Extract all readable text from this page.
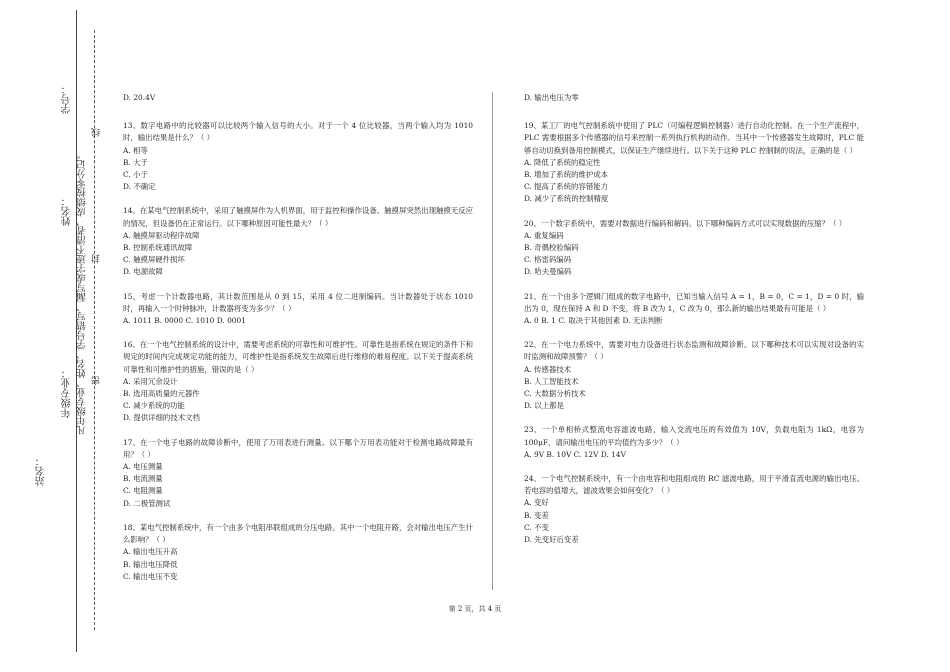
学号：
姓名：
年级专业：
站名：
凡年级专业、姓名、学号错写、漏写或字迹不清者，成绩按零分记。 封
线
密
D. 20.4V
13、数字电路中的比较器可以比较两个输入信号的大小。对于一个 4 位比较器，当两个输入均为 1010 时，输出结果是什么？（ ）
A. 相等
B. 大于
C. 小于
D. 不确定
14、在某电气控制系统中，采用了触摸屏作为人机界面，用于监控和操作设备。触摸屏突然出现触摸无反应的情况，但设备仍在正常运行。以下哪种原因可能性最大？（ ）
A. 触摸屏驱动程序故障
B. 控制系统通讯故障
C. 触摸屏硬件损坏
D. 电源故障
15、考虑一个计数器电路，其计数范围是从 0 到 15，采用 4 位二进制编码。当计数器处于状态 1010 时，再输入一个时钟脉冲，计数器将变为多少？（ ）
A. 1011 B. 0000 C. 1010 D. 0001
16、在一个电气控制系统的设计中，需要考虑系统的可靠性和可维护性。可靠性是指系统在规定的条件下和规定的时间内完成规定功能的能力，可维护性是指系统发生故障后进行维修的难易程度。以下关于提高系统可靠性和可维护性的措施，错误的是（ ）
A. 采用冗余设计
B. 选用高质量的元器件
C. 减少系统的功能
D. 提供详细的技术文档
17、在一个电子电路的故障诊断中，使用了万用表进行测量。以下哪个万用表功能对于检测电路故障最有用？（ ）
A. 电压测量
B. 电流测量
C. 电阻测量
D. 二极管测试
18、某电气控制系统中，有一个由多个电阻串联组成的分压电路。其中一个电阻开路，会对输出电压产生什么影响？（ ）
A. 输出电压升高
B. 输出电压降低
C. 输出电压不变
D. 输出电压为零
19、某工厂的电气控制系统中使用了 PLC（可编程逻辑控制器）进行自动化控制。在一个生产流程中，PLC 需要根据多个传感器的信号来控制一系列执行机构的动作。当其中一个传感器发生故障时，PLC 能够自动切换到备用控制模式，以保证生产继续进行。以下关于这种 PLC 控制制的说法，正确的是（ ）
A. 降低了系统的稳定性
B. 增加了系统的维护成本
C. 提高了系统的容错能力
D. 减少了系统的控制精度
20、一个数字系统中，需要对数据进行编码和解码。以下哪种编码方式可以实现数据的压缩？（ ）
A. 重复编码
B. 奇偶校验编码
C. 格雷码编码
D. 哈夫曼编码
21、在一个由多个逻辑门组成的数字电路中，已知当输入信号 A = 1，B = 0，C = 1，D = 0 时，输出为 0，现在保持 A 和 D 不变，将 B 改为 1，C 改为 0，那么新的输出结果最有可能是（ ）
A. 0 B. 1 C. 取决于其他因素 D. 无法判断
22、在一个电力系统中，需要对电力设备进行状态监测和故障诊断。以下哪种技术可以实现对设备的实时监测和故障预警？（ ）
A. 传感器技术
B. 人工智能技术
C. 大数据分析技术
D. 以上都是
23、一个单相桥式整流电容滤波电路，输入交流电压的有效值为 10V，负载电阻为 1kΩ，电容为 100μF，请问输出电压的平均值约为多少？（ ）
A. 9V B. 10V C. 12V D. 14V
24、一个电气控制系统中，有一个由电容和电阻组成的 RC 滤波电路，用于平滑直流电源的输出电压。若电容的值增大，滤波效果会如何变化？（ ）
A. 变好
B. 变差
C. 不变
D. 先变好后变差
第 2 页，共 4 页
